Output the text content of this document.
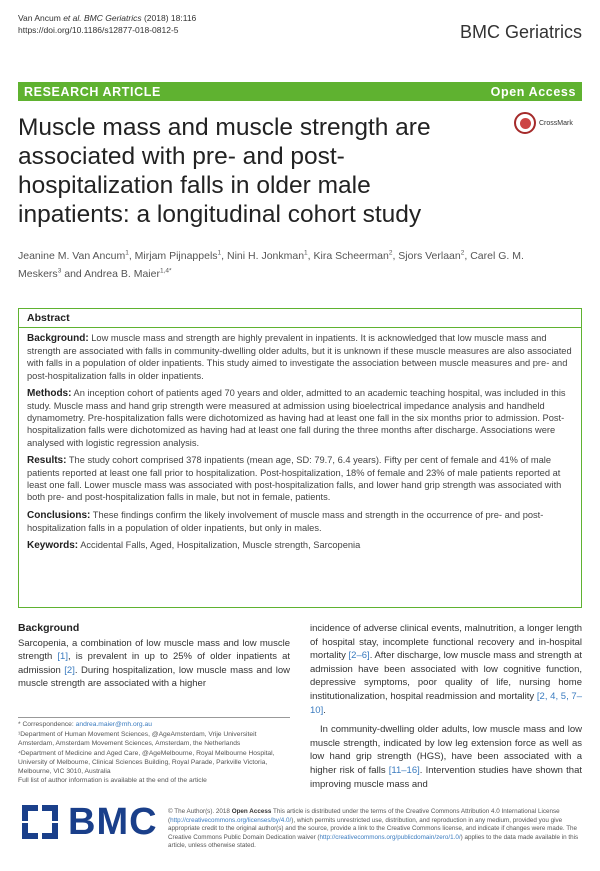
Van Ancum et al. BMC Geriatrics (2018) 18:116
https://doi.org/10.1186/s12877-018-0812-5	BMC Geriatrics
RESEARCH ARTICLE	Open Access
Muscle mass and muscle strength are associated with pre- and post-hospitalization falls in older male inpatients: a longitudinal cohort study
CrossMark
Jeanine M. Van Ancum$^1$, Mirjam Pijnappels$^1$, Nini H. Jonkman$^1$, Kira Scheerman$^2$, Sjors Verlaan$^2$, Carel G. M. Meskers$^3$ and Andrea B. Maier$^{1,4*}$
Abstract

Background: Low muscle mass and strength are highly prevalent in inpatients. It is acknowledged that low muscle mass and strength are associated with falls in community-dwelling older adults, but it is unknown if these muscle measures are also associated with falls in a population of older inpatients. This study aimed to investigate the association between muscle measures and pre- and post-hospitalization falls in older inpatients.

Methods: An inception cohort of patients aged 70 years and older, admitted to an academic teaching hospital, was included in this study. Muscle mass and hand grip strength were measured at admission using bioelectrical impedance analysis and handheld dynamometry. Pre-hospitalization falls were dichotomized as having had at least one fall in the six months prior to admission. Post-hospitalization falls were dichotomized as having had at least one fall during the three months after discharge. Associations were analysed with logistic regression analysis.

Results: The study cohort comprised 378 inpatients (mean age, SD: 79.7, 6.4 years). Fifty per cent of female and 41% of male patients reported at least one fall prior to hospitalization. Post-hospitalization, 18% of female and 23% of male patients reported at least one fall. Lower muscle mass was associated with post-hospitalization falls, and lower hand grip strength was associated with both pre- and post-hospitalization falls in male, but not in female, patients.

Conclusions: These findings confirm the likely involvement of muscle mass and strength in the occurrence of pre- and post-hospitalization falls in a population of older inpatients, but only in males.

Keywords: Accidental Falls, Aged, Hospitalization, Muscle strength, Sarcopenia

Background

Sarcopenia, a combination of low muscle mass and low muscle strength [1], is prevalent in up to 25% of older inpatients at admission [2]. During hospitalization, low muscle mass and low muscle strength are associated with a higher

* Correspondence: andrea.maier@mh.org.au

¹Department of Human Movement Sciences, @AgeAmsterdam, Vrije Universiteit Amsterdam, Amsterdam Movement Sciences, Amsterdam, the Netherlands

⁴Department of Medicine and Aged Care, @AgeMelbourne, Royal Melbourne Hospital, University of Melbourne, Clinical Sciences Building, Royal Parade, Parkville Victoria, Melbourne, VIC 3010, Australia

Full list of author information is available at the end of the article

incidence of adverse clinical events, malnutrition, a longer length of hospital stay, incomplete functional recovery and in-hospital mortality [2–6]. After discharge, low muscle mass and strength at admission have been associated with low cognitive function, depressive symptoms, poor quality of life, nursing home institutionalization, hospital readmission and mortality [2, 4, 5, 7–10].

In community-dwelling older adults, low muscle mass and low muscle strength, indicated by low leg extension force as well as low hand grip strength (HGS), have been associated with a higher risk of falls [11–16]. Intervention studies have shown that improving muscle mass and

BMC © The Author(s). 2018 Open Access This article is distributed under the terms of the Creative Commons Attribution 4.0 International License (http://creativecommons.org/licenses/by/4.0/), which permits unrestricted use, distribution, and reproduction in any medium, provided you give appropriate credit to the original author(s) and the source, provide a link to the Creative Commons license, and indicate if changes were made. The Creative Commons Public Domain Dedication waiver (http://creativecommons.org/publicdomain/zero/1.0/) applies to the data made available in this article, unless otherwise stated.
